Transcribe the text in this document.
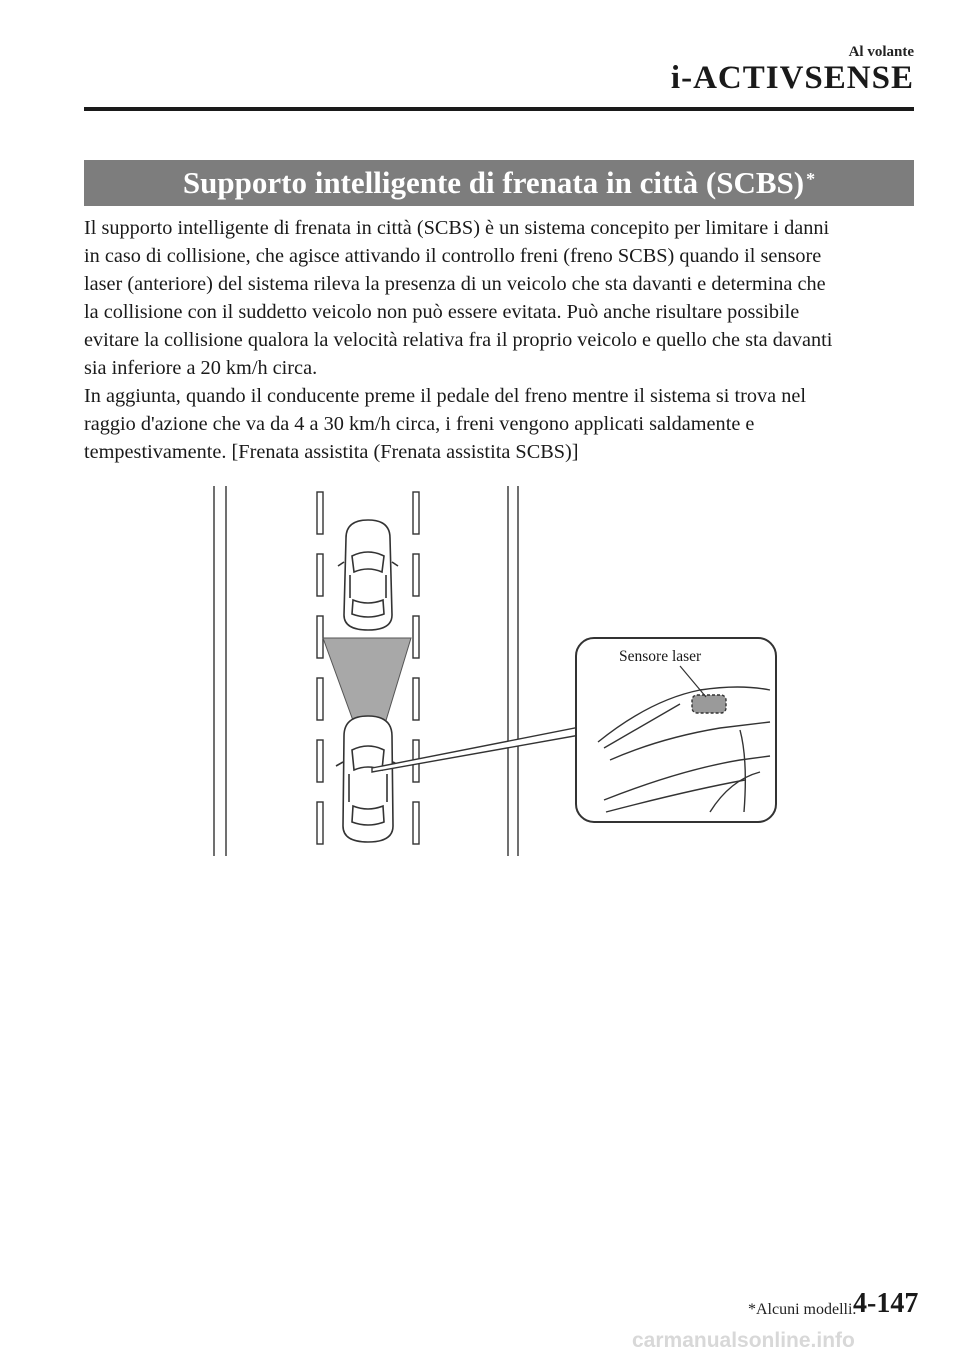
Al volante
i-ACTIVSENSE
Supporto intelligente di frenata in città (SCBS)*

Il supporto intelligente di frenata in città (SCBS) è un sistema concepito per limitare i danni

in caso di collisione, che agisce attivando il controllo freni (freno SCBS) quando il sensore

laser (anteriore) del sistema rileva la presenza di un veicolo che sta davanti e determina che

la collisione con il suddetto veicolo non può essere evitata. Può anche risultare possibile

evitare la collisione qualora la velocità relativa fra il proprio veicolo e quello che sta davanti

sia inferiore a 20 km/h circa.

In aggiunta, quando il conducente preme il pedale del freno mentre il sistema si trova nel

raggio d'azione che va da 4 a 30 km/h circa, i freni vengono applicati saldamente e

tempestivamente. [Frenata assistita (Frenata assistita SCBS)]

Sensore laser
*Alcuni modelli.
4-147
carmanualsonline.info
